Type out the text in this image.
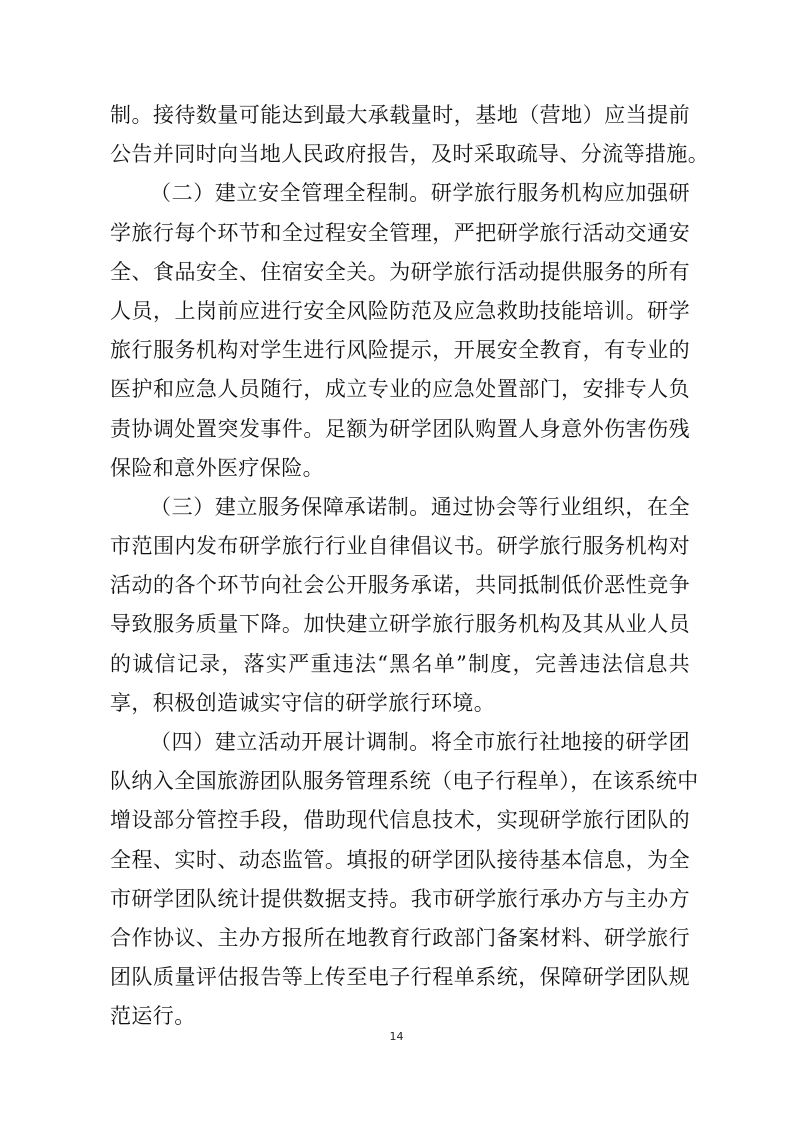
制。接待数量可能达到最大承载量时，基地（营地）应当提前
公告并同时向当地人民政府报告，及时采取疏导、分流等措施。
（二）建立安全管理全程制。研学旅行服务机构应加强研
学旅行每个环节和全过程安全管理，严把研学旅行活动交通安
全、食品安全、住宿安全关。为研学旅行活动提供服务的所有
人员，上岗前应进行安全风险防范及应急救助技能培训。研学
旅行服务机构对学生进行风险提示，开展安全教育，有专业的
医护和应急人员随行，成立专业的应急处置部门，安排专人负
责协调处置突发事件。足额为研学团队购置人身意外伤害伤残
保险和意外医疗保险。
（三）建立服务保障承诺制。通过协会等行业组织，在全
市范围内发布研学旅行行业自律倡议书。研学旅行服务机构对
活动的各个环节向社会公开服务承诺，共同抵制低价恶性竞争
导致服务质量下降。加快建立研学旅行服务机构及其从业人员
的诚信记录，落实严重违法“黑名单”制度，完善违法信息共
享，积极创造诚实守信的研学旅行环境。
（四）建立活动开展计调制。将全市旅行社地接的研学团
队纳入全国旅游团队服务管理系统（电子行程单），在该系统中
增设部分管控手段，借助现代信息技术，实现研学旅行团队的
全程、实时、动态监管。填报的研学团队接待基本信息，为全
市研学团队统计提供数据支持。我市研学旅行承办方与主办方
合作协议、主办方报所在地教育行政部门备案材料、研学旅行
团队质量评估报告等上传至电子行程单系统，保障研学团队规
范运行。
14
